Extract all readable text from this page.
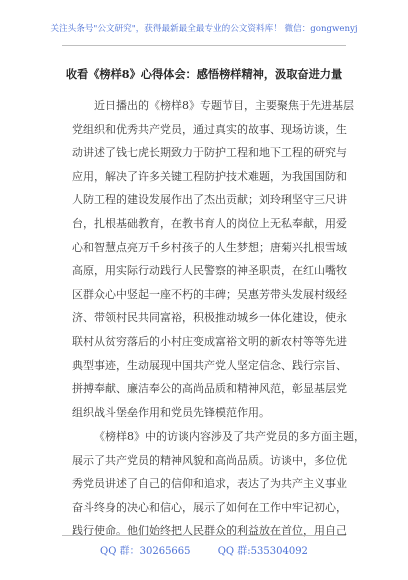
关注头条号"公文研究"，获得最新最全最专业的公文资料库！ 微信：gongwenyj
收看《榜样8》心得体会：感悟榜样精神，汲取奋进力量
近日播出的《榜样8》专题节目，主要聚焦于先进基层
党组织和优秀共产党员，通过真实的故事、现场访谈，生
动讲述了钱七虎长期致力于防护工程和地下工程的研究与
应用，解决了许多关键工程防护技术难题，为我国国防和
人防工程的建设发展作出了杰出贡献；刘玲琍坚守三尺讲
台，扎根基础教育，在教书育人的岗位上无私奉献，用爱
心和智慧点亮万千乡村孩子的人生梦想；唐菊兴扎根雪域
高原，用实际行动践行人民警察的神圣职责，在红山嘴牧
区群众心中竖起一座不朽的丰碑；吴惠芳带头发展村级经
济、带领村民共同富裕，积极推动城乡一体化建设，使永
联村从贫穷落后的小村庄变成富裕文明的新农村等等先进
典型事迹，生动展现中国共产党人坚定信念、践行宗旨、
拼搏奉献、廉洁奉公的高尚品质和精神风范，彰显基层党
组织战斗堡垒作用和党员先锋模范作用。
《榜样8》中的访谈内容涉及了共产党员的多方面主题，
展示了共产党员的精神风貌和高尚品质。访谈中，多位优
秀党员讲述了自己的信仰和追求，表达了为共产主义事业
奋斗终身的决心和信心，展示了如何在工作中牢记初心，
践行使命。他们始终把人民群众的利益放在首位，用自己
QQ 群：30265665	QQ 群:535304092
